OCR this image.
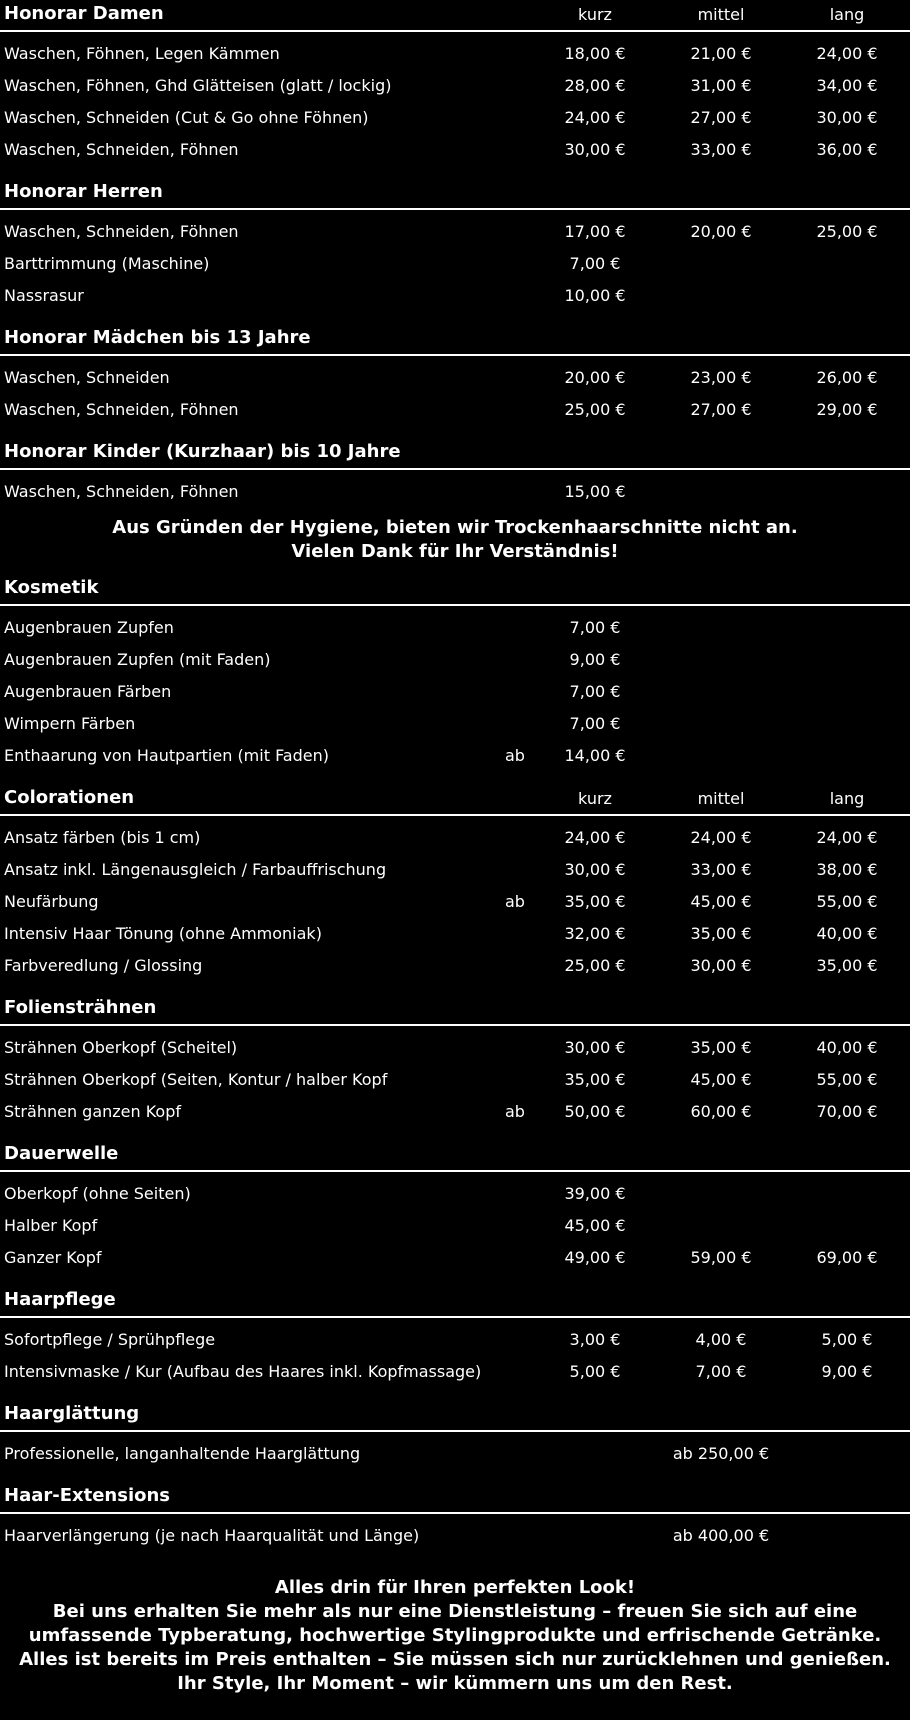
Honorar Damen	kurz	mittel	lang
Waschen, Föhnen, Legen Kämmen	18,00 €	21,00 €	24,00 €
Waschen, Föhnen, Ghd Glätteisen (glatt / lockig)	28,00 €	31,00 €	34,00 €
Waschen, Schneiden (Cut & Go ohne Föhnen)	24,00 €	27,00 €	30,00 €
Waschen, Schneiden, Föhnen	30,00 €	33,00 €	36,00 €
Honorar Herren
Waschen, Schneiden, Föhnen	17,00 €	20,00 €	25,00 €
Barttrimmung (Maschine)	7,00 €
Nassrasur	10,00 €
Honorar Mädchen bis 13 Jahre
Waschen, Schneiden	20,00 €	23,00 €	26,00 €
Waschen, Schneiden, Föhnen	25,00 €	27,00 €	29,00 €
Honorar Kinder (Kurzhaar) bis 10 Jahre
Waschen, Schneiden, Föhnen	15,00 €
Aus Gründen der Hygiene, bieten wir Trockenhaarschnitte nicht an.
Vielen Dank für Ihr Verständnis!
Kosmetik
Augenbrauen Zupfen	7,00 €
Augenbrauen Zupfen (mit Faden)	9,00 €
Augenbrauen Färben	7,00 €
Wimpern Färben	7,00 €
Enthaarung von Hautpartien (mit Faden)	ab	14,00 €
Colorationen	kurz	mittel	lang
Ansatz färben (bis 1 cm)	24,00 €	24,00 €	24,00 €
Ansatz inkl. Längenausgleich / Farbauffrischung	30,00 €	33,00 €	38,00 €
Neufärbung	ab	35,00 €	45,00 €	55,00 €
Intensiv Haar Tönung (ohne Ammoniak)	32,00 €	35,00 €	40,00 €
Farbveredlung / Glossing	25,00 €	30,00 €	35,00 €
Foliensträhnen
Strähnen Oberkopf (Scheitel)	30,00 €	35,00 €	40,00 €
Strähnen Oberkopf (Seiten, Kontur / halber Kopf	35,00 €	45,00 €	55,00 €
Strähnen ganzen Kopf	ab	50,00 €	60,00 €	70,00 €
Dauerwelle
Oberkopf (ohne Seiten)	39,00 €
Halber Kopf	45,00 €
Ganzer Kopf	49,00 €	59,00 €	69,00 €
Haarpflege
Sofortpflege / Sprühpflege	3,00 €	4,00 €	5,00 €
Intensivmaske / Kur (Aufbau des Haares inkl. Kopfmassage)	5,00 €	7,00 €	9,00 €
Haarglättung
Professionelle, langanhaltende Haarglättung	ab 250,00 €
Haar-Extensions
Haarverlängerung (je nach Haarqualität und Länge)	ab 400,00 €
Alles drin für Ihren perfekten Look!
Bei uns erhalten Sie mehr als nur eine Dienstleistung – freuen Sie sich auf eine
umfassende Typberatung, hochwertige Stylingprodukte und erfrischende Getränke.
Alles ist bereits im Preis enthalten – Sie müssen sich nur zurücklehnen und genießen.
Ihr Style, Ihr Moment – wir kümmern uns um den Rest.
